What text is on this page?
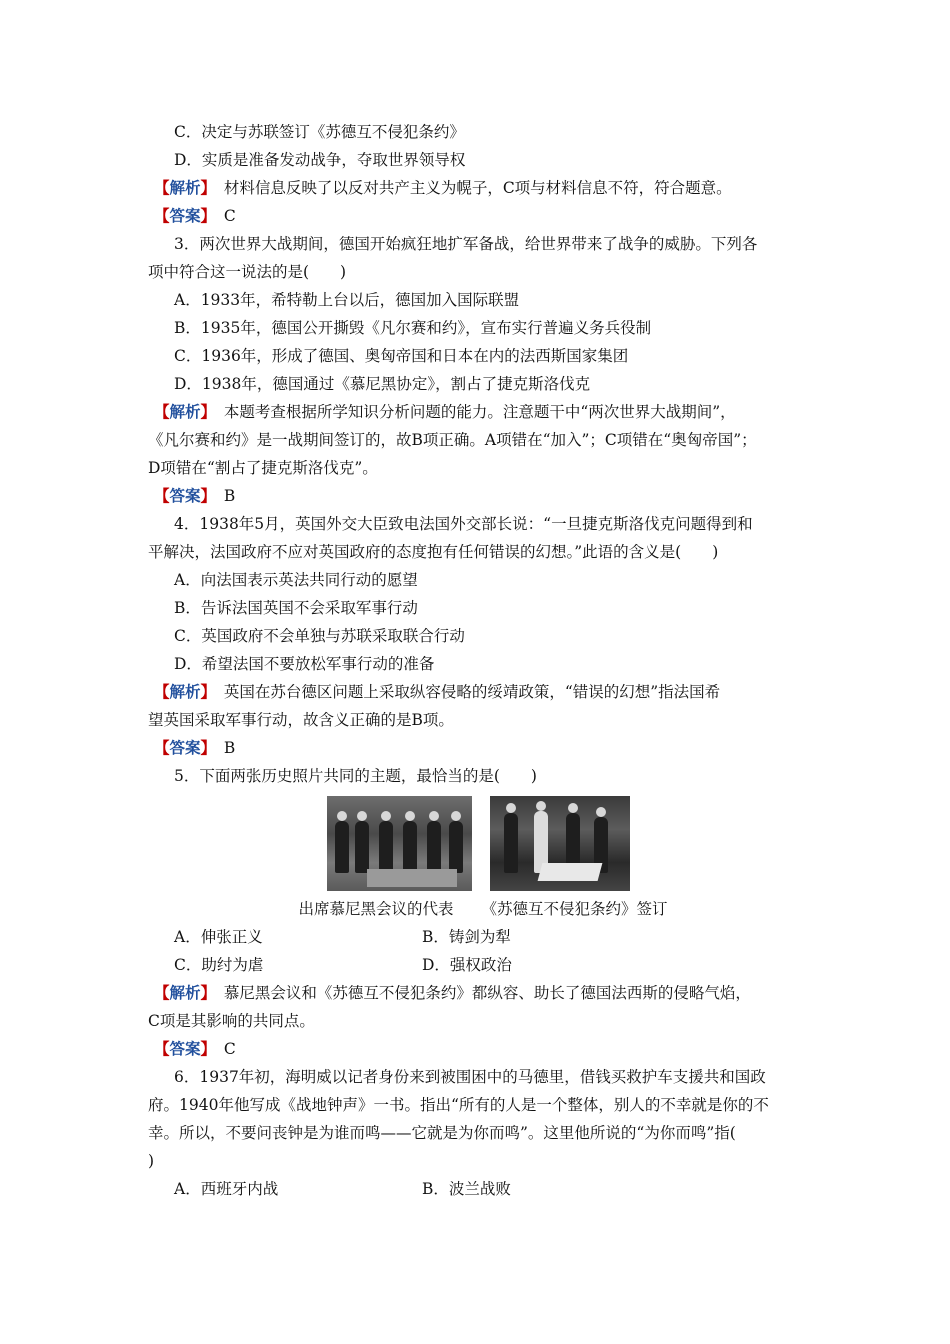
C．决定与苏联签订《苏德互不侵犯条约》
D．实质是准备发动战争，夺取世界领导权
【解析】　 材料信息反映了以反对共产主义为幌子，C项与材料信息不符，符合题意。
【答案】　 C
3．两次世界大战期间，德国开始疯狂地扩军备战，给世界带来了战争的威胁。下列各
项中符合这一说法的是(　　)
A．1933年，希特勒上台以后，德国加入国际联盟
B．1935年，德国公开撕毁《凡尔赛和约》，宣布实行普遍义务兵役制
C．1936年，形成了德国、奥匈帝国和日本在内的法西斯国家集团
D．1938年，德国通过《慕尼黑协定》，割占了捷克斯洛伐克
【解析】　 本题考查根据所学知识分析问题的能力。注意题干中“两次世界大战期间”，
《凡尔赛和约》是一战期间签订的，故B项正确。A项错在“加入”；C项错在“奥匈帝国”；
D项错在“割占了捷克斯洛伐克”。
【答案】　 B
4．1938年5月，英国外交大臣致电法国外交部长说：“一旦捷克斯洛伐克问题得到和
平解决，法国政府不应对英国政府的态度抱有任何错误的幻想。”此语的含义是(　　)
A．向法国表示英法共同行动的愿望
B．告诉法国英国不会采取军事行动
C．英国政府不会单独与苏联采取联合行动
D．希望法国不要放松军事行动的准备
【解析】　 英国在苏台德区问题上采取纵容侵略的绥靖政策，“错误的幻想”指法国希
望英国采取军事行动，故含义正确的是B项。
【答案】　 B
5．下面两张历史照片共同的主题，最恰当的是(　　)
出席慕尼黑会议的代表 《苏德互不侵犯条约》签订
A．伸张正义	B．铸剑为犁
C．助纣为虐	D．强权政治
【解析】　 慕尼黑会议和《苏德互不侵犯条约》都纵容、助长了德国法西斯的侵略气焰，
C项是其影响的共同点。
【答案】　 C
6．1937年初，海明威以记者身份来到被围困中的马德里，借钱买救护车支援共和国政
府。1940年他写成《战地钟声》一书。指出“所有的人是一个整体，别人的不幸就是你的不
幸。所以，不要问丧钟是为谁而鸣——它就是为你而鸣”。这里他所说的“为你而鸣”指(
)
A．西班牙内战	B．波兰战败
